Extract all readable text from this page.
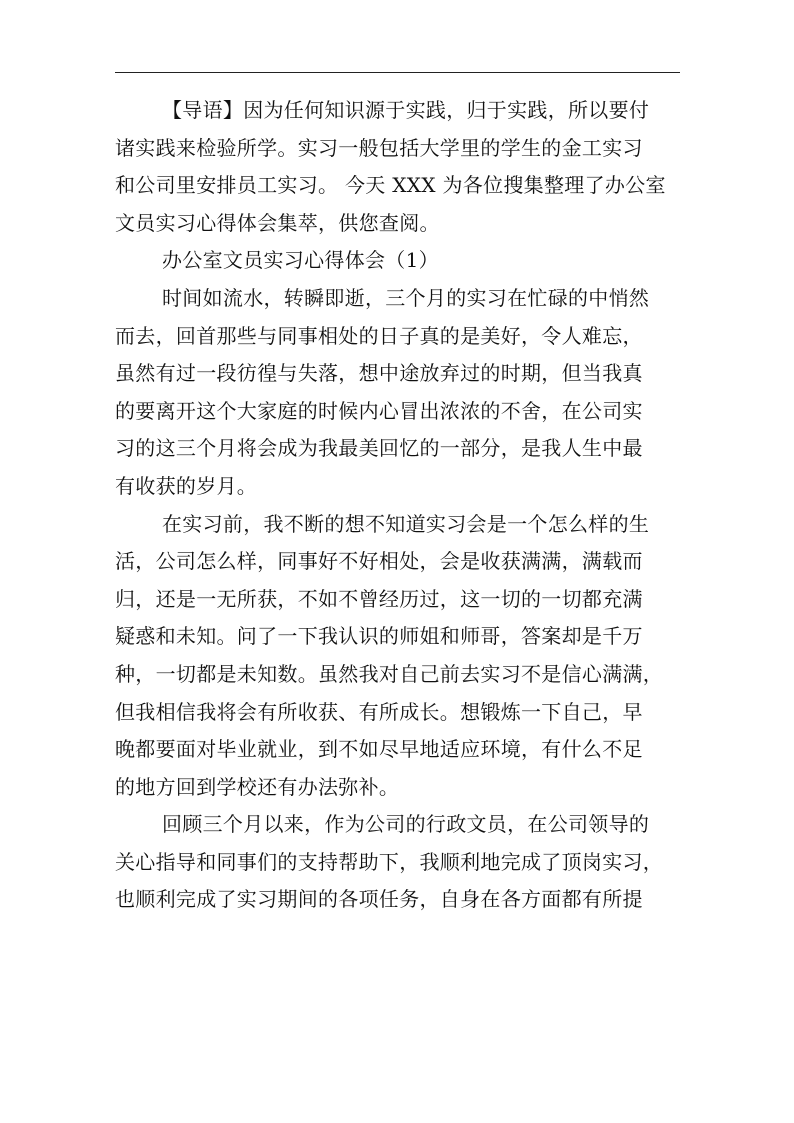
【导语】因为任何知识源于实践，归于实践，所以要付
诸实践来检验所学。实习一般包括大学里的学生的金工实习
和公司里安排员工实习。 今天 XXX 为各位搜集整理了办公室
文员实习心得体会集萃，供您查阅。
办公室文员实习心得体会（1）
时间如流水，转瞬即逝，三个月的实习在忙碌的中悄然
而去，回首那些与同事相处的日子真的是美好，令人难忘，
虽然有过一段彷徨与失落，想中途放弃过的时期，但当我真
的要离开这个大家庭的时候内心冒出浓浓的不舍，在公司实
习的这三个月将会成为我最美回忆的一部分，是我人生中最
有收获的岁月。
在实习前，我不断的想不知道实习会是一个怎么样的生
活，公司怎么样，同事好不好相处，会是收获满满，满载而
归，还是一无所获，不如不曾经历过，这一切的一切都充满
疑惑和未知。问了一下我认识的师姐和师哥，答案却是千万
种，一切都是未知数。虽然我对自己前去实习不是信心满满，
但我相信我将会有所收获、有所成长。想锻炼一下自己，早
晚都要面对毕业就业，到不如尽早地适应环境，有什么不足
的地方回到学校还有办法弥补。
回顾三个月以来，作为公司的行政文员，在公司领导的
关心指导和同事们的支持帮助下，我顺利地完成了顶岗实习，
也顺利完成了实习期间的各项任务，自身在各方面都有所提
